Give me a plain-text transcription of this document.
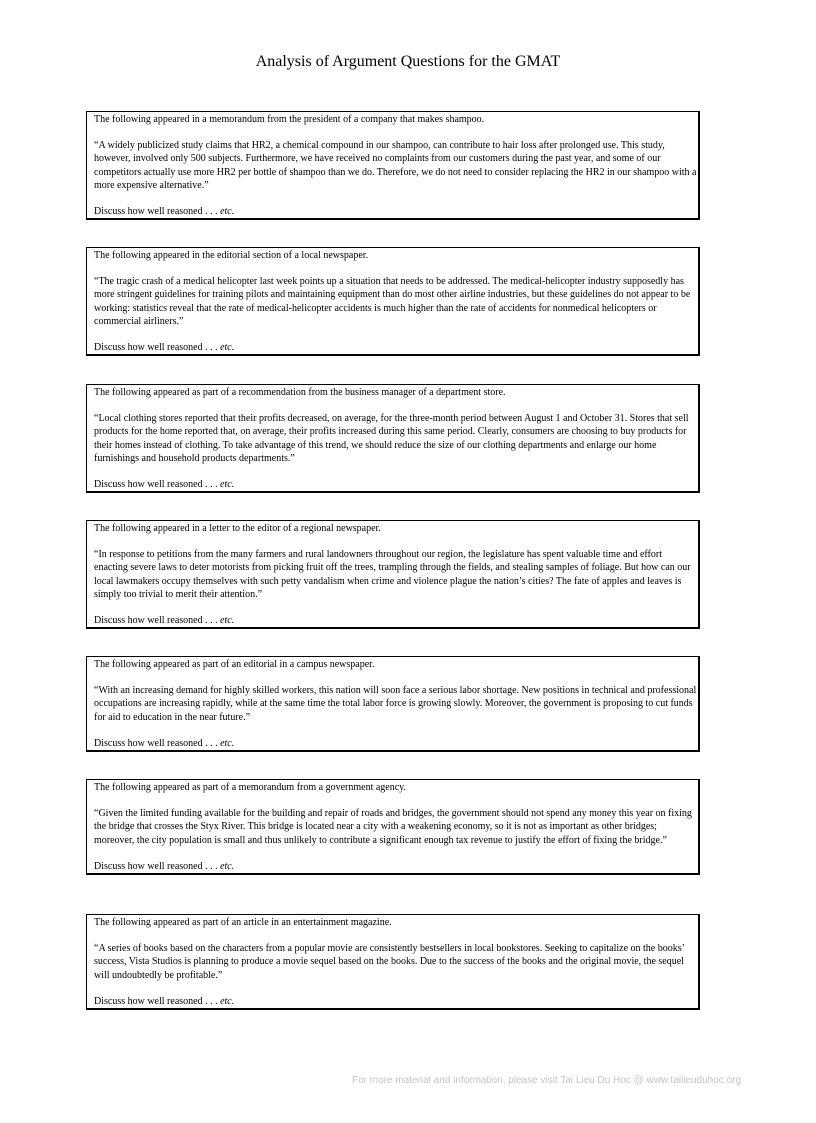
Analysis of Argument Questions for the GMAT

The following appeared in a memorandum from the president of a company that makes shampoo.

“A widely publicized study claims that HR2, a chemical compound in our shampoo, can contribute to hair loss after prolonged use. This study, however, involved only 500 subjects. Furthermore, we have received no complaints from our customers during the past year, and some of our competitors actually use more HR2 per bottle of shampoo than we do. Therefore, we do not need to consider replacing the HR2 in our shampoo with a more expensive alternative.”

Discuss how well reasoned . . . etc.

The following appeared in the editorial section of a local newspaper.

“The tragic crash of a medical helicopter last week points up a situation that needs to be addressed. The medical-helicopter industry supposedly has more stringent guidelines for training pilots and maintaining equipment than do most other airline industries, but these guidelines do not appear to be working: statistics reveal that the rate of medical-helicopter accidents is much higher than the rate of accidents for nonmedical helicopters or commercial airliners.”

Discuss how well reasoned . . . etc.

The following appeared as part of a recommendation from the business manager of a department store.

“Local clothing stores reported that their profits decreased, on average, for the three-month period between August 1 and October 31. Stores that sell products for the home reported that, on average, their profits increased during this same period. Clearly, consumers are choosing to buy products for their homes instead of clothing. To take advantage of this trend, we should reduce the size of our clothing departments and enlarge our home furnishings and household products departments.”

Discuss how well reasoned . . . etc.

The following appeared in a letter to the editor of a regional newspaper.

“In response to petitions from the many farmers and rural landowners throughout our region, the legislature has spent valuable time and effort enacting severe laws to deter motorists from picking fruit off the trees, trampling through the fields, and stealing samples of foliage. But how can our local lawmakers occupy themselves with such petty vandalism when crime and violence plague the nation’s cities? The fate of apples and leaves is simply too trivial to merit their attention.”

Discuss how well reasoned . . . etc.

The following appeared as part of an editorial in a campus newspaper.

“With an increasing demand for highly skilled workers, this nation will soon face a serious labor shortage. New positions in technical and professional occupations are increasing rapidly, while at the same time the total labor force is growing slowly. Moreover, the government is proposing to cut funds for aid to education in the near future.”

Discuss how well reasoned . . . etc.

The following appeared as part of a memorandum from a government agency.

“Given the limited funding available for the building and repair of roads and bridges, the government should not spend any money this year on fixing the bridge that crosses the Styx River. This bridge is located near a city with a weakening economy, so it is not as important as other bridges; moreover, the city population is small and thus unlikely to contribute a significant enough tax revenue to justify the effort of fixing the bridge.”

Discuss how well reasoned . . . etc.

The following appeared as part of an article in an entertainment magazine.

“A series of books based on the characters from a popular movie are consistently bestsellers in local bookstores. Seeking to capitalize on the books’ success, Vista Studios is planning to produce a movie sequel based on the books. Due to the success of the books and the original movie, the sequel will undoubtedly be profitable.”

Discuss how well reasoned . . . etc.

For more material and information, please visit Tai Lieu Du Hoc @ www.tailieuduhoc.org
